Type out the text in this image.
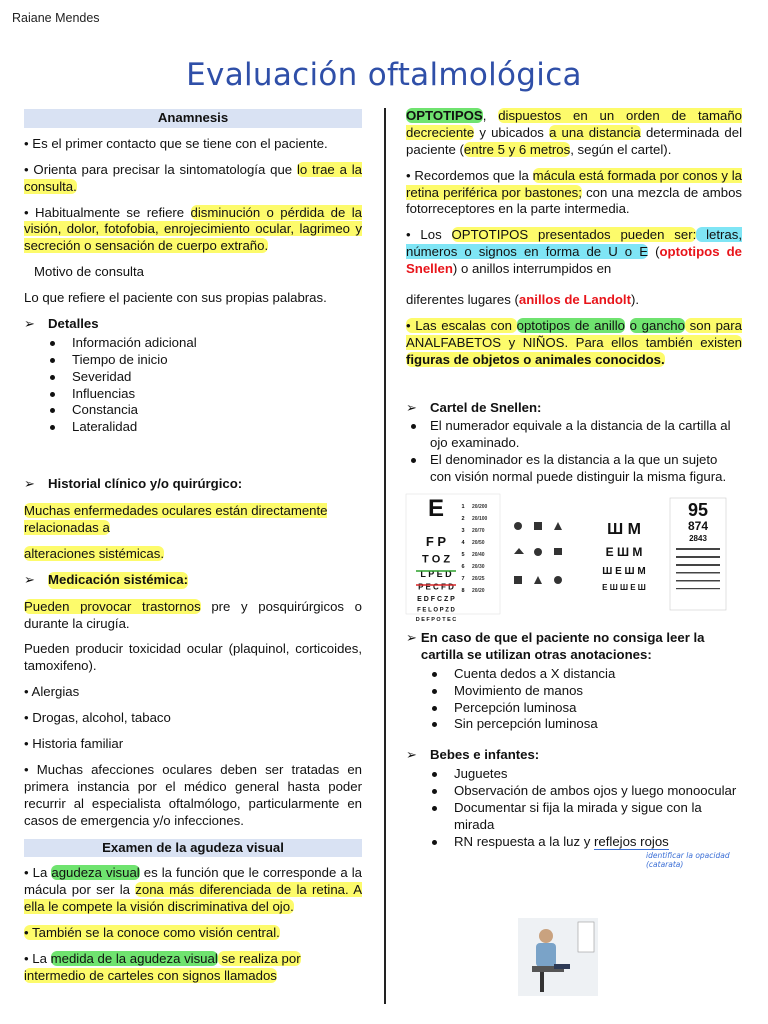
Raiane Mendes
Evaluación oftalmológica
Anamnesis

• Es el primer contacto que se tiene con el paciente.

• Orienta para precisar la sintomatología que lo trae a la consulta.

• Habitualmente se refiere disminución o pérdida de la visión, dolor, fotofobia, enrojecimiento ocular, lagrimeo y secreción o sensación de cuerpo extraño.

Motivo de consulta

Lo que refiere el paciente con sus propias palabras.

➢ Detalles
Información adicional
Tiempo de inicio
Severidad
Influencias
Constancia
Lateralidad
➢ Historial clínico y/o quirúrgico:

Muchas enfermedades oculares están directamente relacionadas a

alteraciones sistémicas.

➢ Medicación sistémica:

Pueden provocar trastornos pre y posquirúrgicos o durante la cirugía.

Pueden producir toxicidad ocular (plaquinol, corticoides, tamoxifeno).

• Alergias

• Drogas, alcohol, tabaco

• Historia familiar

• Muchas afecciones oculares deben ser tratadas en primera instancia por el médico general hasta poder recurrir al especialista oftalmólogo, particularmente en casos de emergencia y/o infecciones.

Examen de la agudeza visual

• La agudeza visual es la función que le corresponde a la mácula por ser la zona más diferenciada de la retina. A ella le compete la visión discriminativa del ojo.

• También se la conoce como visión central.

• La medida de la agudeza visual se realiza por

intermedio de carteles con signos llamados

OPTOTIPOS, dispuestos en un orden de tamaño decreciente y ubicados a una distancia determinada del paciente (entre 5 y 6 metros, según el cartel).

• Recordemos que la mácula está formada por conos y la retina periférica por bastones; con una mezcla de ambos fotorreceptores en la parte intermedia.

• Los OPTOTIPOS presentados pueden ser: letras, números o signos en forma de U o E (optotipos de Snellen) o anillos interrumpidos en

diferentes lugares (anillos de Landolt).

• Las escalas con optotipos de anillo o gancho son para ANALFABETOS y NIÑOS. Para ellos también existen figuras de objetos o animales conocidos.

➢ Cartel de Snellen:
El numerador equivale a la distancia de la cartilla al ojo examinado.
El denominador es la distancia a la que un sujeto con visión normal puede distinguir la misma figura.
E
F P
T O Z
L P E D
P E C F D
E D F C Z P
F E L O P Z D
D E F P O T E C
20/200
20/100
20/70
20/50
20/40
20/30
20/25
20/20
1
2
3
4
5
6
7
8
Ш М
E Ш М
Ш E Ш М
E Ш Ш E Ш
95
874
2843
➢ En caso de que el paciente no consiga leer la cartilla se utilizan otras anotaciones:
Cuenta dedos a X distancia
Movimiento de manos
Percepción luminosa
Sin percepción luminosa
➢ Bebes e infantes:
Juguetes
Observación de ambos ojos y luego monoocular
Documentar si fija la mirada y sigue con la mirada
RN respuesta a la luz y reflejos rojos
identificar la opacidad (catarata)
